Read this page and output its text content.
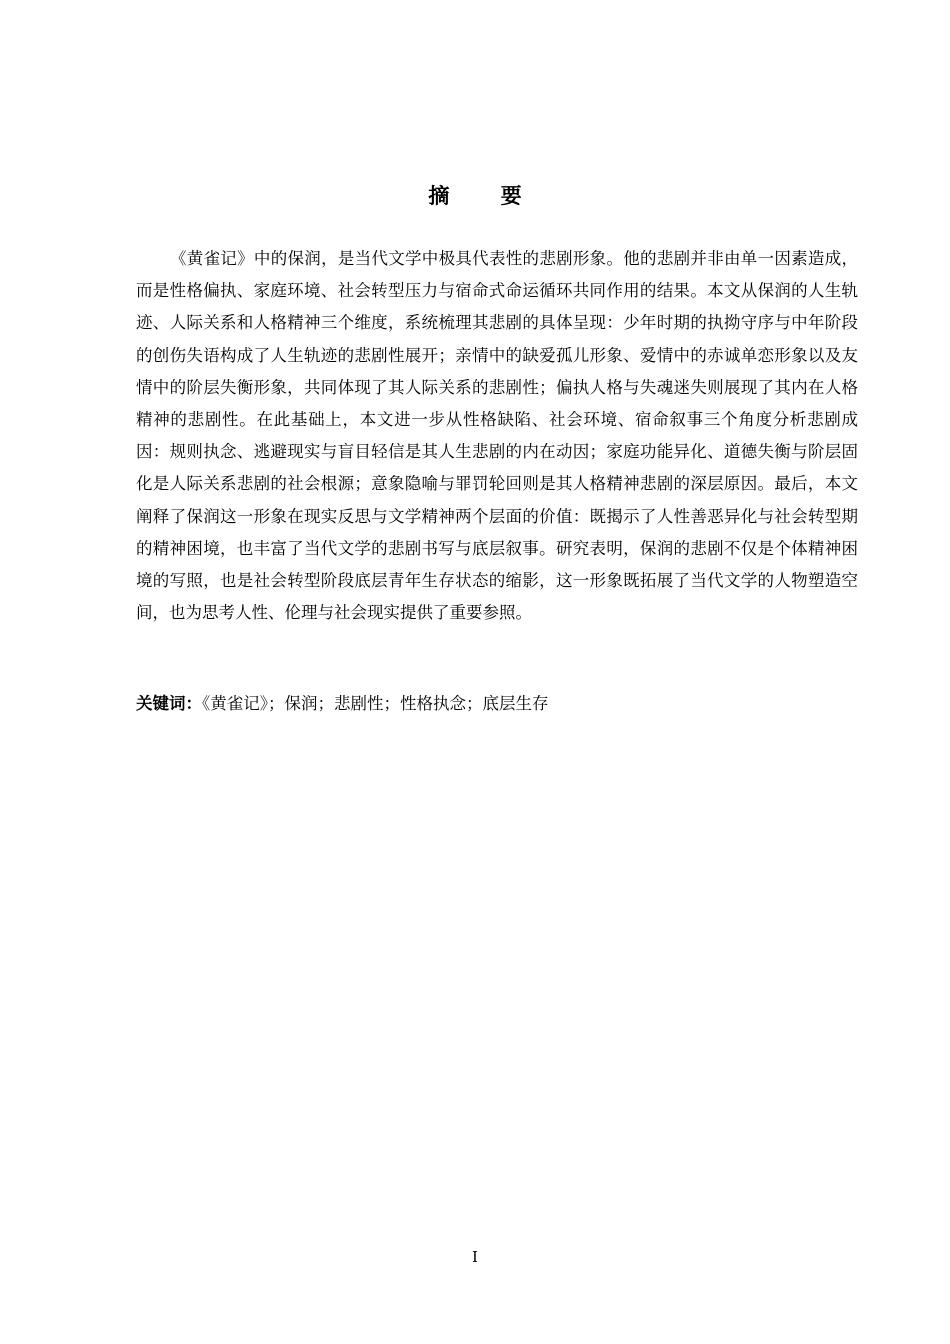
摘 要

《黄雀记》中的保润，是当代文学中极具代表性的悲剧形象。他的悲剧并非由单一因素造成，而是性格偏执、家庭环境、社会转型压力与宿命式命运循环共同作用的结果。本文从保润的人生轨迹、人际关系和人格精神三个维度，系统梳理其悲剧的具体呈现：少年时期的执拗守序与中年阶段的创伤失语构成了人生轨迹的悲剧性展开；亲情中的缺爱孤儿形象、爱情中的赤诚单恋形象以及友情中的阶层失衡形象，共同体现了其人际关系的悲剧性；偏执人格与失魂迷失则展现了其内在人格精神的悲剧性。在此基础上，本文进一步从性格缺陷、社会环境、宿命叙事三个角度分析悲剧成因：规则执念、逃避现实与盲目轻信是其人生悲剧的内在动因；家庭功能异化、道德失衡与阶层固化是人际关系悲剧的社会根源；意象隐喻与罪罚轮回则是其人格精神悲剧的深层原因。最后，本文阐释了保润这一形象在现实反思与文学精神两个层面的价值：既揭示了人性善恶异化与社会转型期的精神困境，也丰富了当代文学的悲剧书写与底层叙事。研究表明，保润的悲剧不仅是个体精神困境的写照，也是社会转型阶段底层青年生存状态的缩影，这一形象既拓展了当代文学的人物塑造空间，也为思考人性、伦理与社会现实提供了重要参照。

关键词：《黄雀记》；保润；悲剧性；性格执念；底层生存
I
